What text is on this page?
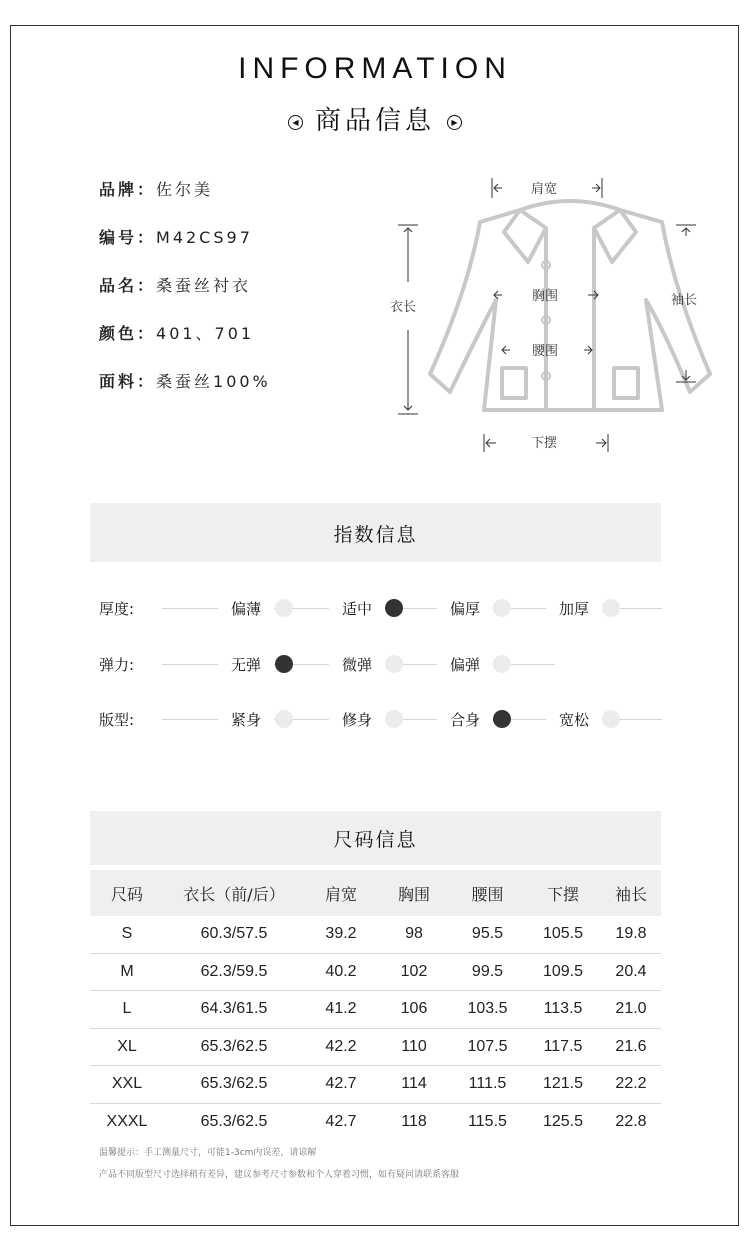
INFORMATION
◀ 商品信息 ▶
品牌：佐尔美
编号：M42CS97
品名：桑蚕丝衬衣
颜色：401、701
面料：桑蚕丝100%
肩宽
衣长
胸围
腰围
下摆
袖长
指数信息
厚度:	偏薄	适中	偏厚	加厚
弹力:	无弹	微弹	偏弹
版型:	紧身	修身	合身	宽松
尺码信息
尺码	衣长（前/后）	肩宽	胸围	腰围	下摆	袖长
S	60.3/57.5	39.2	98	95.5	105.5	19.8
M	62.3/59.5	40.2	102	99.5	109.5	20.4
L	64.3/61.5	41.2	106	103.5	113.5	21.0
XL	65.3/62.5	42.2	110	107.5	117.5	21.6
XXL	65.3/62.5	42.7	114	111.5	121.5	22.2
XXXL	65.3/62.5	42.7	118	115.5	125.5	22.8
温馨提示：手工测量尺寸，可能1-3cm内误差，请谅解
产品不同版型尺寸选择稍有差异，建议参考尺寸参数和个人穿着习惯，如有疑问请联系客服
